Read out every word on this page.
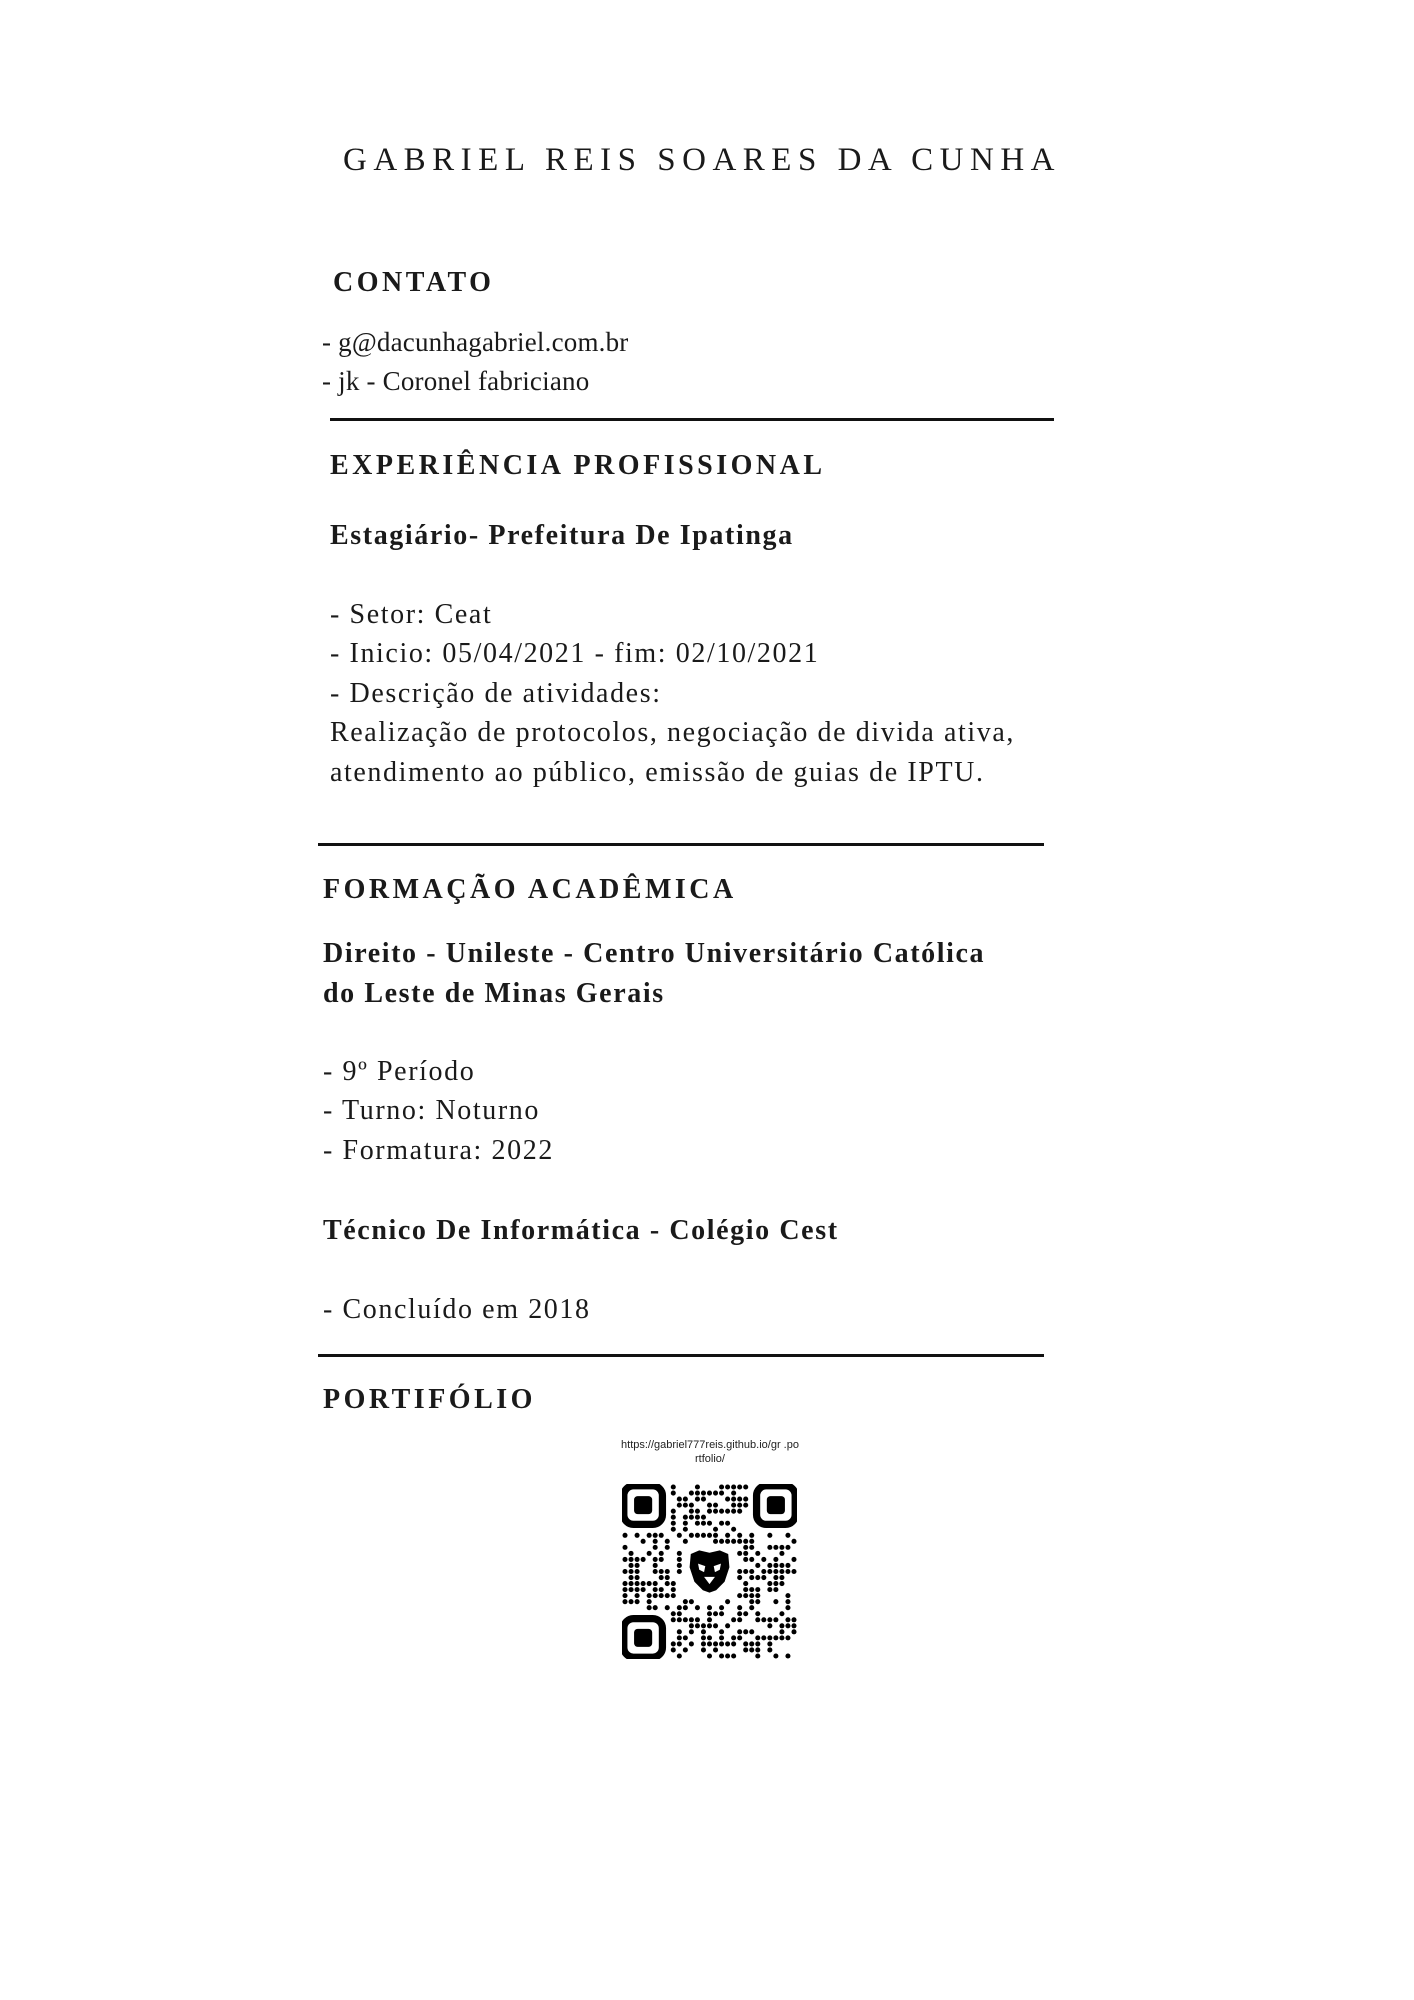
GABRIEL REIS SOARES DA CUNHA
CONTATO
- g@dacunhagabriel.com.br
- jk - Coronel fabriciano
EXPERIÊNCIA PROFISSIONAL
Estagiário- Prefeitura De Ipatinga
- Setor: Ceat
- Inicio: 05/04/2021 - fim: 02/10/2021
- Descrição de atividades:
Realização de protocolos, negociação de divida ativa,
atendimento ao público, emissão de guias de IPTU.
FORMAÇÃO ACADÊMICA
Direito - Unileste - Centro Universitário Católica
do Leste de Minas Gerais
- 9º Período
- Turno: Noturno
- Formatura: 2022
Técnico De Informática - Colégio Cest
- Concluído em 2018
PORTIFÓLIO
https://gabriel777reis.github.io/gr .portfolio/
